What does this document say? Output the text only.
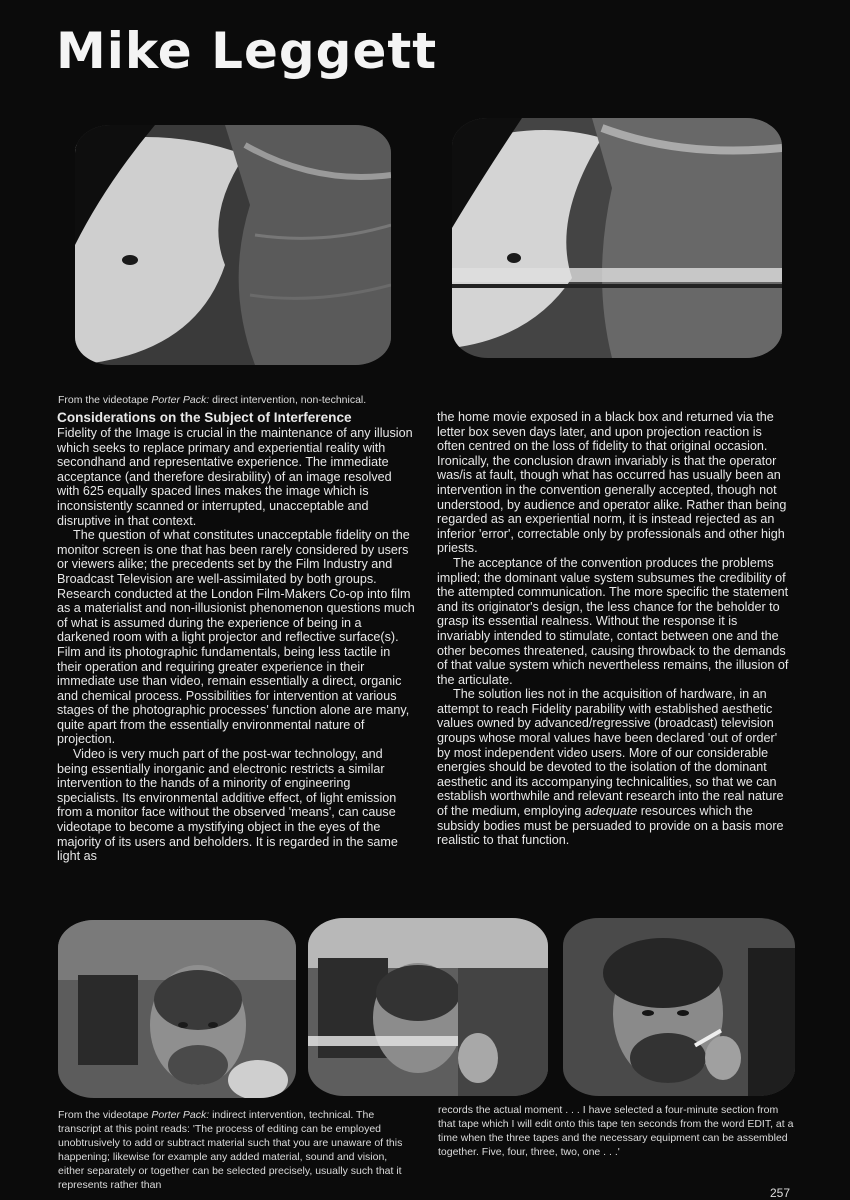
Mike Leggett
From the videotape Porter Pack: direct intervention, non-technical.

Considerations on the Subject of Interference

Fidelity of the Image is crucial in the maintenance of any illusion which seeks to replace primary and experiential reality with secondhand and representative experience. The immediate acceptance (and therefore desirability) of an image resolved with 625 equally spaced lines makes the image which is inconsistently scanned or interrupted, unacceptable and disruptive in that context.

The question of what constitutes unacceptable fidelity on the monitor screen is one that has been rarely considered by users or viewers alike; the precedents set by the Film Industry and Broadcast Television are well-assimilated by both groups. Research conducted at the London Film-Makers Co-op into film as a materialist and non-illusionist phenomenon questions much of what is assumed during the experience of being in a darkened room with a light projector and reflective surface(s). Film and its photographic fundamentals, being less tactile in their operation and requiring greater experience in their immediate use than video, remain essentially a direct, organic and chemical process. Possibilities for intervention at various stages of the photographic processes' function alone are many, quite apart from the essentially environmental nature of projection.

Video is very much part of the post-war technology, and being essentially inorganic and electronic restricts a similar intervention to the hands of a minority of engineering specialists. Its environmental additive effect, of light emission from a monitor face without the observed 'means', can cause videotape to become a mystifying object in the eyes of the majority of its users and beholders. It is regarded in the same light as

the home movie exposed in a black box and returned via the letter box seven days later, and upon projection reaction is often centred on the loss of fidelity to that original occasion. Ironically, the conclusion drawn invariably is that the operator was/is at fault, though what has occurred has usually been an intervention in the convention generally accepted, though not understood, by audience and operator alike. Rather than being regarded as an experiential norm, it is instead rejected as an inferior 'error', correctable only by professionals and other high priests.

The acceptance of the convention produces the problems implied; the dominant value system subsumes the credibility of the attempted communication. The more specific the statement and its originator's design, the less chance for the beholder to grasp its essential realness. Without the response it is invariably intended to stimulate, contact between one and the other becomes threatened, causing throwback to the demands of that value system which nevertheless remains, the illusion of the articulate.

The solution lies not in the acquisition of hardware, in an attempt to reach Fidelity parability with established aesthetic values owned by advanced/regressive (broadcast) television groups whose moral values have been declared 'out of order' by most independent video users. More of our considerable energies should be devoted to the isolation of the dominant aesthetic and its accompanying technicalities, so that we can establish worthwhile and relevant research into the real nature of the medium, employing adequate resources which the subsidy bodies must be persuaded to provide on a basis more realistic to that function.

From the videotape Porter Pack: indirect intervention, technical. The transcript at this point reads: 'The process of editing can be employed unobtrusively to add or subtract material such that you are unaware of this happening; likewise for example any added material, sound and vision, either separately or together can be selected precisely, usually such that it represents rather than
records the actual moment . . . I have selected a four-minute section from that tape which I will edit onto this tape ten seconds from the word EDIT, at a time when the three tapes and the necessary equipment can be assembled together. Five, four, three, two, one . . .'
257
